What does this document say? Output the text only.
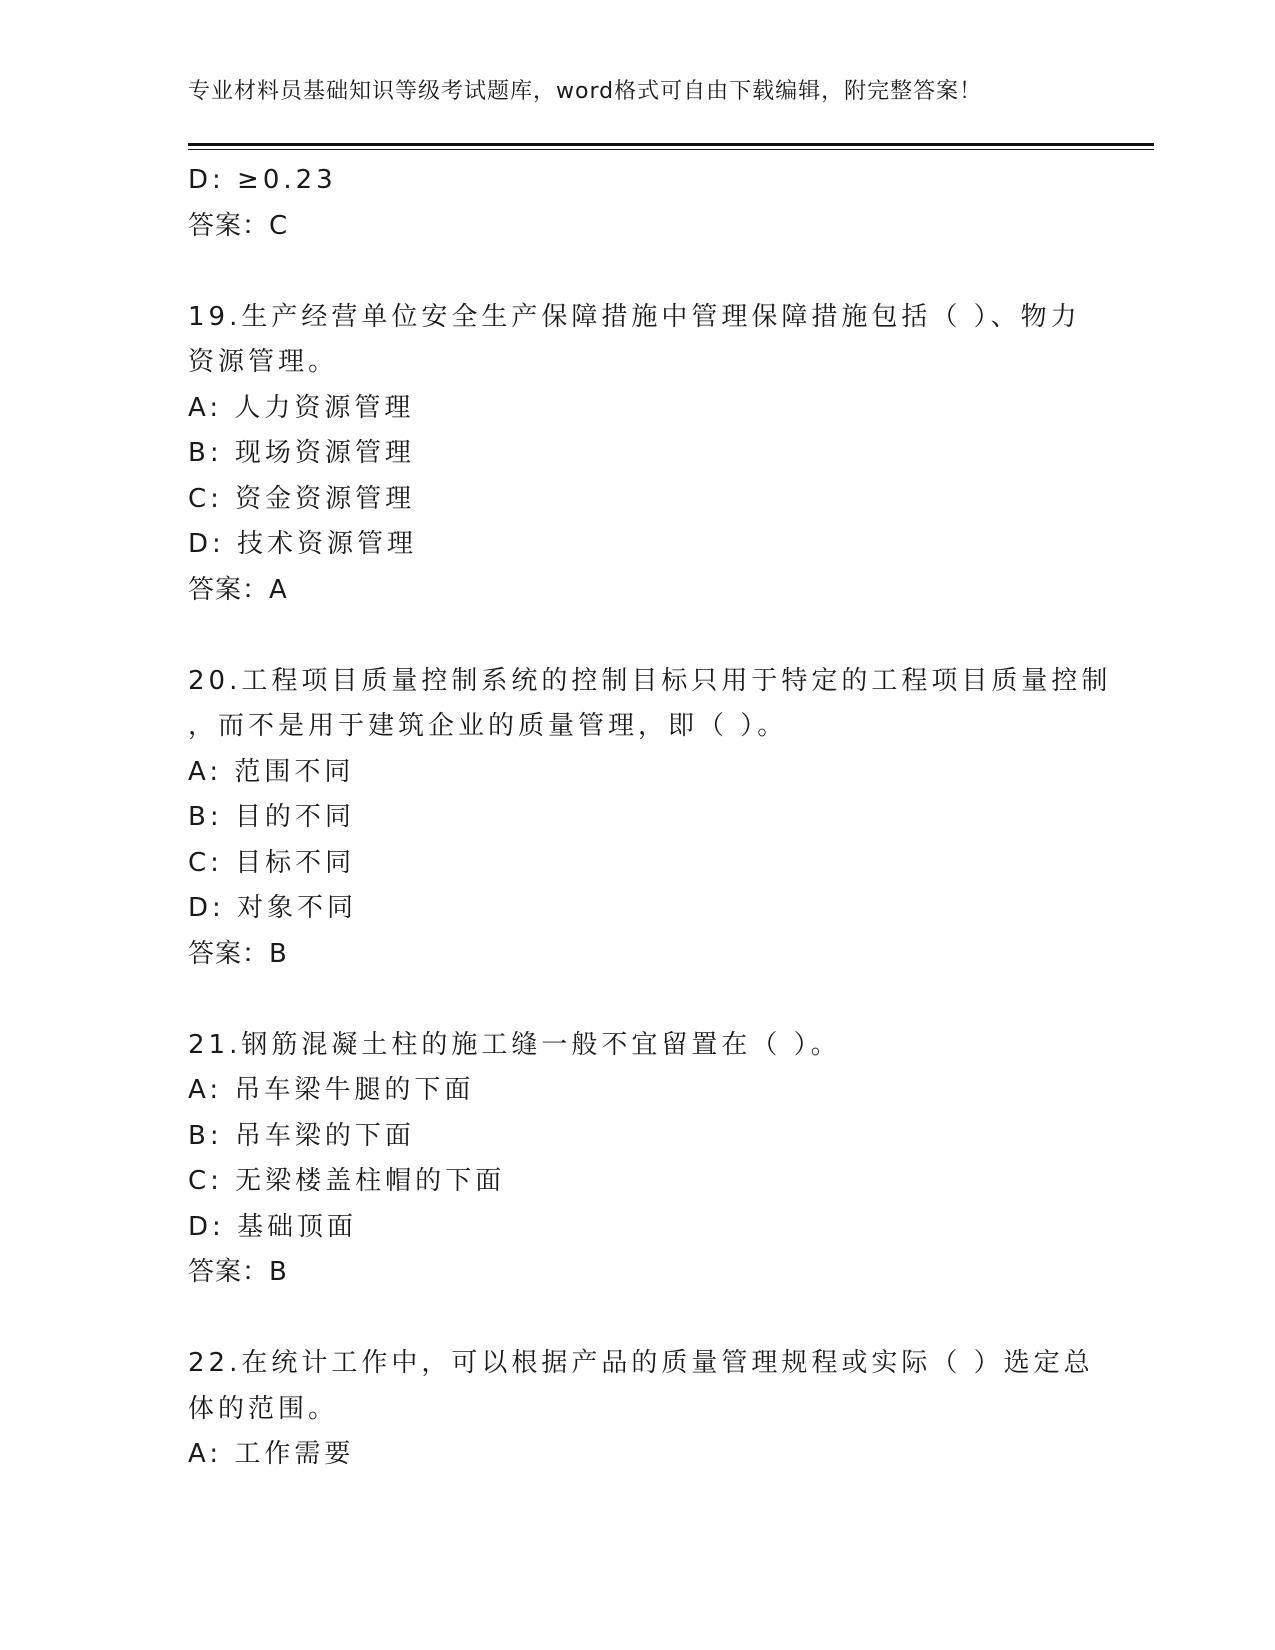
专业材料员基础知识等级考试题库，word格式可自由下载编辑，附完整答案！
D: ≥0.23
答案：C
19.生产经营单位安全生产保障措施中管理保障措施包括（ ）、物力
资源管理。
A: 人力资源管理
B: 现场资源管理
C: 资金资源管理
D: 技术资源管理
答案：A
20.工程项目质量控制系统的控制目标只用于特定的工程项目质量控制
，而不是用于建筑企业的质量管理，即（ ）。
A: 范围不同
B: 目的不同
C: 目标不同
D: 对象不同
答案：B
21.钢筋混凝土柱的施工缝一般不宜留置在（ ）。
A: 吊车梁牛腿的下面
B: 吊车梁的下面
C: 无梁楼盖柱帽的下面
D: 基础顶面
答案：B
22.在统计工作中，可以根据产品的质量管理规程或实际（ ）选定总
体的范围。
A: 工作需要
